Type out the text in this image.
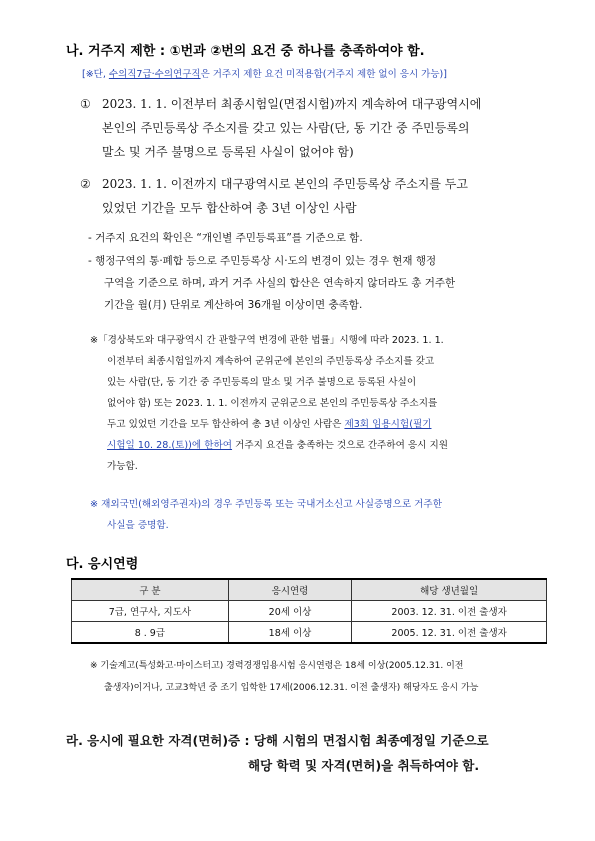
나. 거주지 제한 : ①번과 ②번의 요건 중 하나를 충족하여야 함.
[※단, 수의직7급·수의연구직은 거주지 제한 요건 미적용함(거주지 제한 없이 응시 가능)]
① 2023. 1. 1. 이전부터 최종시험일(면접시험)까지 계속하여 대구광역시에
본인의 주민등록상 주소지를 갖고 있는 사람(단, 동 기간 중 주민등록의
말소 및 거주 불명으로 등록된 사실이 없어야 함)
② 2023. 1. 1. 이전까지 대구광역시로 본인의 주민등록상 주소지를 두고
있었던 기간을 모두 합산하여 총 3년 이상인 사람
- 거주지 요건의 확인은 “개인별 주민등록표”를 기준으로 함.
- 행정구역의 통·폐합 등으로 주민등록상 시·도의 변경이 있는 경우 현재 행정
구역을 기준으로 하며, 과거 거주 사실의 합산은 연속하지 않더라도 총 거주한
기간을 월(月) 단위로 계산하여 36개월 이상이면 충족함.
※「경상북도와 대구광역시 간 관할구역 변경에 관한 법률」시행에 따라 2023. 1. 1.
이전부터 최종시험일까지 계속하여 군위군에 본인의 주민등록상 주소지를 갖고
있는 사람(단, 동 기간 중 주민등록의 말소 및 거주 불명으로 등록된 사실이
없어야 함) 또는 2023. 1. 1. 이전까지 군위군으로 본인의 주민등록상 주소지를
두고 있었던 기간을 모두 합산하여 총 3년 이상인 사람은 제3회 임용시험(필기
시험일 10. 28.(토))에 한하여 거주지 요건을 충족하는 것으로 간주하여 응시 지원
가능함.
※ 재외국민(해외영주권자)의 경우 주민등록 또는 국내거소신고 사실증명으로 거주한
사실을 증명함.
다. 응시연령
구 분	응시연령	해당 생년월일
7급, 연구사, 지도사	20세 이상	2003. 12. 31. 이전 출생자
8 . 9급	18세 이상	2005. 12. 31. 이전 출생자
※ 기술계고(특성화고·마이스터고) 경력경쟁임용시험 응시연령은 18세 이상(2005.12.31. 이전
출생자)이거나, 고교3학년 중 조기 입학한 17세(2006.12.31. 이전 출생자) 해당자도 응시 가능
라. 응시에 필요한 자격(면허)증 : 당해 시험의 면접시험 최종예정일 기준으로
해당 학력 및 자격(면허)을 취득하여야 함.
